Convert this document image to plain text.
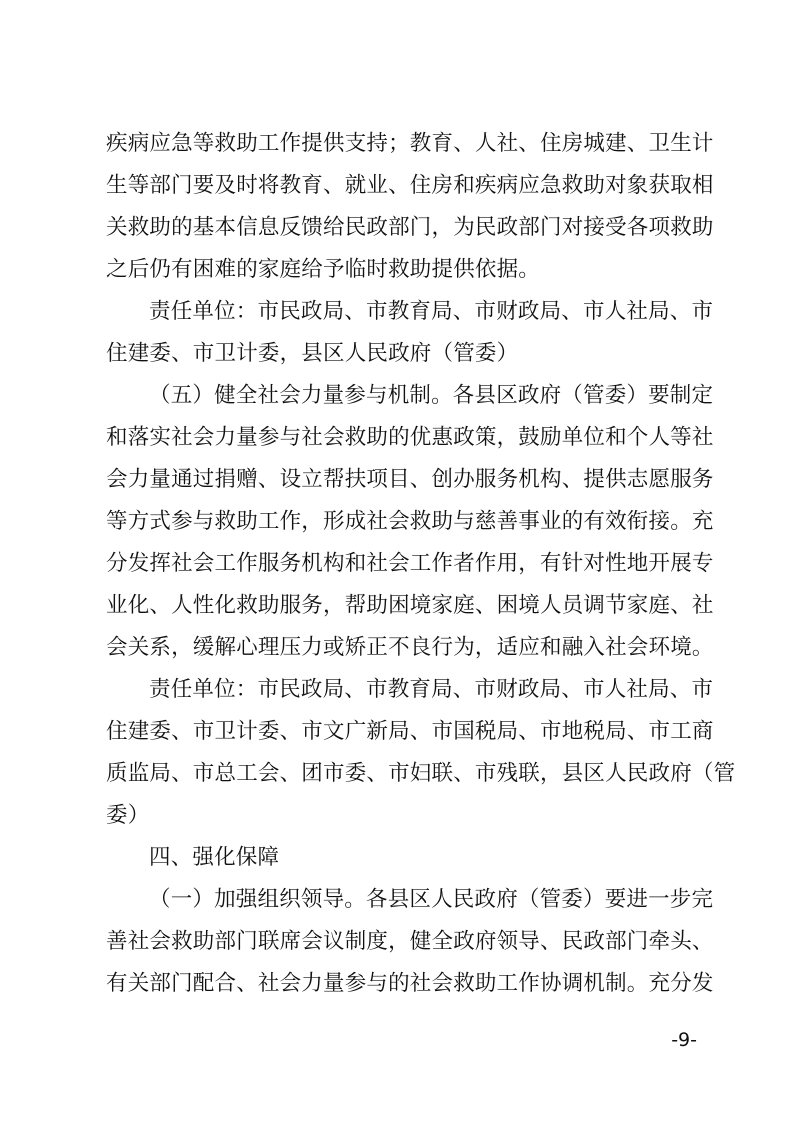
疾病应急等救助工作提供支持；教育、人社、住房城建、卫生计
生等部门要及时将教育、就业、住房和疾病应急救助对象获取相
关救助的基本信息反馈给民政部门，为民政部门对接受各项救助
之后仍有困难的家庭给予临时救助提供依据。
责任单位：市民政局、市教育局、市财政局、市人社局、市
住建委、市卫计委，县区人民政府（管委）
（五）健全社会力量参与机制。各县区政府（管委）要制定
和落实社会力量参与社会救助的优惠政策，鼓励单位和个人等社
会力量通过捐赠、设立帮扶项目、创办服务机构、提供志愿服务
等方式参与救助工作，形成社会救助与慈善事业的有效衔接。充
分发挥社会工作服务机构和社会工作者作用，有针对性地开展专
业化、人性化救助服务，帮助困境家庭、困境人员调节家庭、社
会关系，缓解心理压力或矫正不良行为，适应和融入社会环境。
责任单位：市民政局、市教育局、市财政局、市人社局、市
住建委、市卫计委、市文广新局、市国税局、市地税局、市工商
质监局、市总工会、团市委、市妇联、市残联，县区人民政府（管
委）
四、强化保障
（一）加强组织领导。各县区人民政府（管委）要进一步完
善社会救助部门联席会议制度，健全政府领导、民政部门牵头、
有关部门配合、社会力量参与的社会救助工作协调机制。充分发
-9-
